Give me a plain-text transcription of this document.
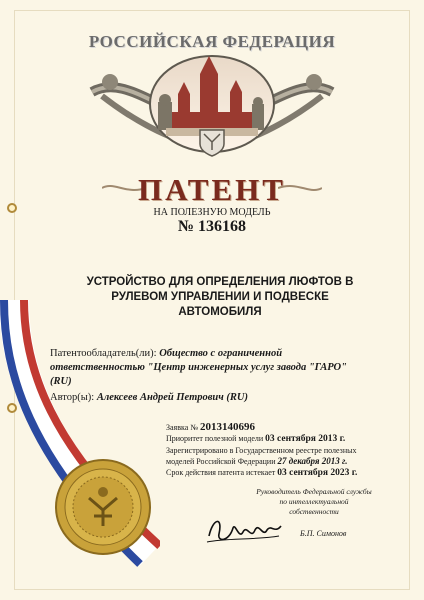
РОССИЙСКАЯ ФЕДЕРАЦИЯ
ПАТЕНТ
НА ПОЛЕЗНУЮ МОДЕЛЬ
№ 136168
УСТРОЙСТВО ДЛЯ ОПРЕДЕЛЕНИЯ ЛЮФТОВ В РУЛЕВОМ УПРАВЛЕНИИ И ПОДВЕСКЕ АВТОМОБИЛЯ
Патентообладатель(ли): Общество с ограниченной
ответственностью "Центр инженерных услуг завода "ГАРО"
(RU)
Автор(ы): Алексеев Андрей Петрович (RU)
Заявка № 2013140696
Приоритет полезной модели 03 сентября 2013 г.
Зарегистрировано в Государственном реестре полезных
моделей Российской Федерации 27 декабря 2013 г.
Срок действия патента истекает 03 сентября 2023 г.
Руководитель Федеральной службы
по интеллектуальной собственности
Б.П. Симонов
